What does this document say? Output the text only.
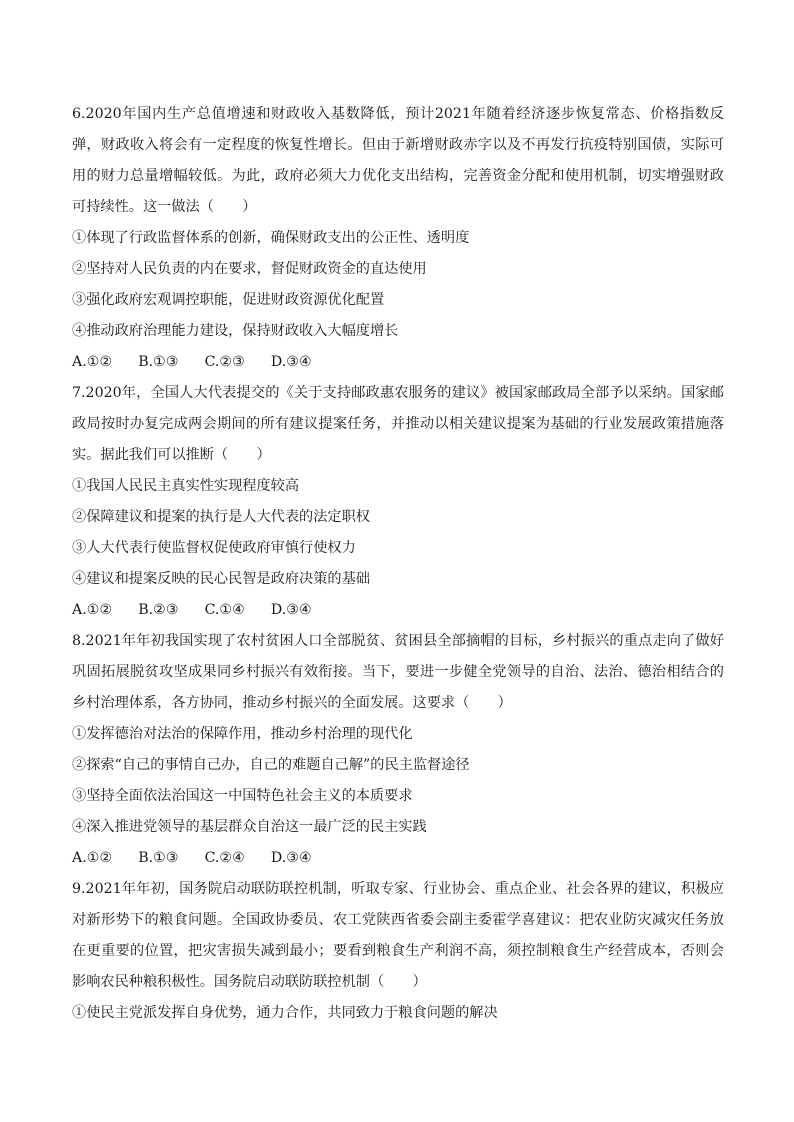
6.2020年国内生产总值增速和财政收入基数降低，预计2021年随着经济逐步恢复常态、价格指数反弹，财政收入将会有一定程度的恢复性增长。但由于新增财政赤字以及不再发行抗疫特别国债，实际可用的财力总量增幅较低。为此，政府必须大力优化支出结构，完善资金分配和使用机制，切实增强财政可持续性。这一做法（　　）

①体现了行政监督体系的创新，确保财政支出的公正性、透明度

②坚持对人民负责的内在要求，督促财政资金的直达使用

③强化政府宏观调控职能，促进财政资源优化配置

④推动政府治理能力建设，保持财政收入大幅度增长

A.①② B.①③ C.②③ D.③④

7.2020年，全国人大代表提交的《关于支持邮政惠农服务的建议》被国家邮政局全部予以采纳。国家邮政局按时办复完成两会期间的所有建议提案任务，并推动以相关建议提案为基础的行业发展政策措施落实。据此我们可以推断（　　）

①我国人民民主真实性实现程度较高

②保障建议和提案的执行是人大代表的法定职权

③人大代表行使监督权促使政府审慎行使权力

④建议和提案反映的民心民智是政府决策的基础

A.①② B.②③ C.①④ D.③④

8.2021年年初我国实现了农村贫困人口全部脱贫、贫困县全部摘帽的目标，乡村振兴的重点走向了做好巩固拓展脱贫攻坚成果同乡村振兴有效衔接。当下，要进一步健全党领导的自治、法治、德治相结合的乡村治理体系，各方协同，推动乡村振兴的全面发展。这要求（　　）

①发挥德治对法治的保障作用，推动乡村治理的现代化

②探索“自己的事情自己办，自己的难题自己解”的民主监督途径

③坚持全面依法治国这一中国特色社会主义的本质要求

④深入推进党领导的基层群众自治这一最广泛的民主实践

A.①② B.①③ C.②④ D.③④

9.2021年年初，国务院启动联防联控机制，听取专家、行业协会、重点企业、社会各界的建议，积极应对新形势下的粮食问题。全国政协委员、农工党陕西省委会副主委霍学喜建议：把农业防灾减灾任务放在更重要的位置，把灾害损失减到最小；要看到粮食生产利润不高，须控制粮食生产经营成本，否则会影响农民种粮积极性。国务院启动联防联控机制（　　）

①使民主党派发挥自身优势，通力合作，共同致力于粮食问题的解决
